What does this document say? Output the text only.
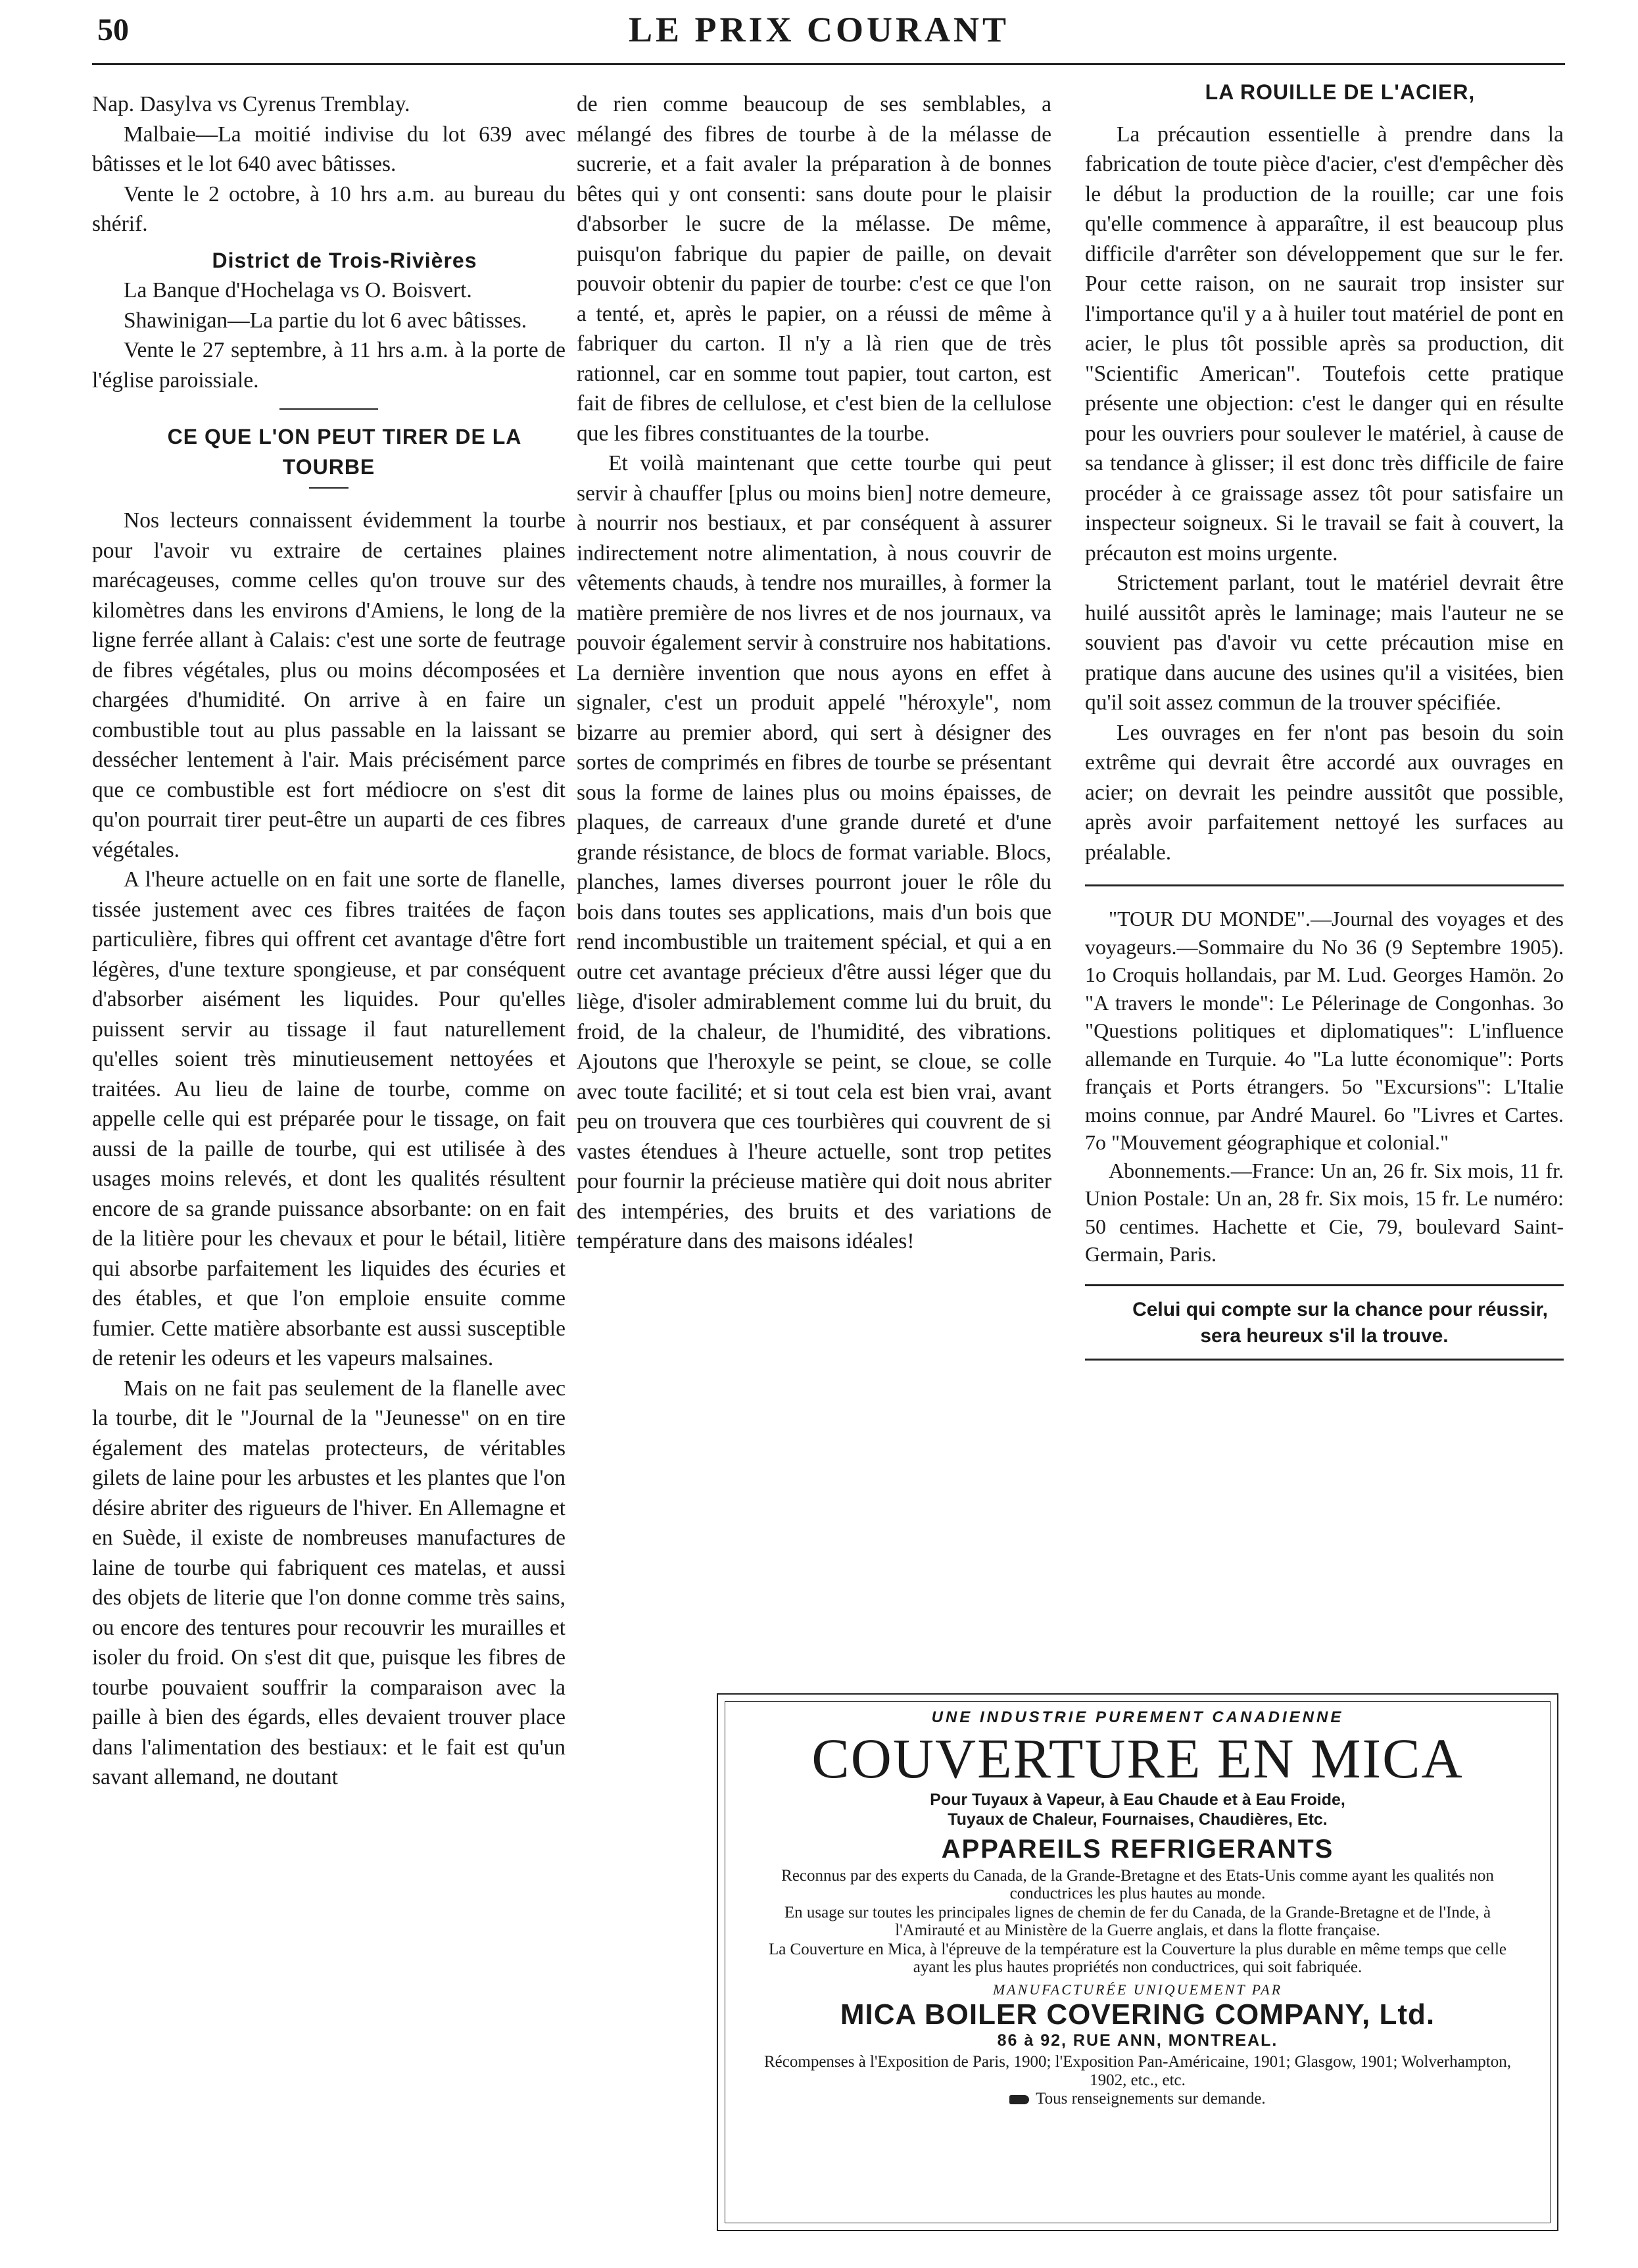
50	LE PRIX COURANT

Nap. Dasylva vs Cyrenus Tremblay.

Malbaie—La moitié indivise du lot 639 avec bâtisses et le lot 640 avec bâtisses.

Vente le 2 octobre, à 10 hrs a.m. au bureau du shérif.

District de Trois-Rivières

La Banque d'Hochelaga vs O. Boisvert.

Shawinigan—La partie du lot 6 avec bâtisses.

Vente le 27 septembre, à 11 hrs a.m. à la porte de l'église paroissiale.

CE QUE L'ON PEUT TIRER DE LA TOURBE

Nos lecteurs connaissent évidemment la tourbe pour l'avoir vu extraire de certaines plaines marécageuses, comme celles qu'on trouve sur des kilomètres dans les environs d'Amiens, le long de la ligne ferrée allant à Calais: c'est une sorte de feutrage de fibres végétales, plus ou moins décomposées et chargées d'humidité. On arrive à en faire un combustible tout au plus passable en la laissant se dessécher lentement à l'air. Mais précisément parce que ce combustible est fort médiocre on s'est dit qu'on pourrait tirer peut-être un auparti de ces fibres végétales.

A l'heure actuelle on en fait une sorte de flanelle, tissée justement avec ces fibres traitées de façon particulière, fibres qui offrent cet avantage d'être fort légères, d'une texture spongieuse, et par conséquent d'absorber aisément les liquides. Pour qu'elles puissent servir au tissage il faut naturellement qu'elles soient très minutieusement nettoyées et traitées. Au lieu de laine de tourbe, comme on appelle celle qui est préparée pour le tissage, on fait aussi de la paille de tourbe, qui est utilisée à des usages moins relevés, et dont les qualités résultent encore de sa grande puissance absorbante: on en fait de la litière pour les chevaux et pour le bétail, litière qui absorbe parfaitement les liquides des écuries et des étables, et que l'on emploie ensuite comme fumier. Cette matière absorbante est aussi susceptible de retenir les odeurs et les vapeurs malsaines.

Mais on ne fait pas seulement de la flanelle avec la tourbe, dit le "Journal de la "Jeunesse" on en tire également des matelas protecteurs, de véritables gilets de laine pour les arbustes et les plantes que l'on désire abriter des rigueurs de l'hiver. En Allemagne et en Suède, il existe de nombreuses manufactures de laine de tourbe qui fabriquent ces matelas, et aussi des objets de literie que l'on donne comme très sains, ou encore des tentures pour recouvrir les murailles et isoler du froid. On s'est dit que, puisque les fibres de tourbe pouvaient souffrir la comparaison avec la paille à bien des égards, elles devaient trouver place dans l'alimentation des bestiaux: et le fait est qu'un savant allemand, ne doutant

de rien comme beaucoup de ses semblables, a mélangé des fibres de tourbe à de la mélasse de sucrerie, et a fait avaler la préparation à de bonnes bêtes qui y ont consenti: sans doute pour le plaisir d'absorber le sucre de la mélasse. De même, puisqu'on fabrique du papier de paille, on devait pouvoir obtenir du papier de tourbe: c'est ce que l'on a tenté, et, après le papier, on a réussi de même à fabriquer du carton. Il n'y a là rien que de très rationnel, car en somme tout papier, tout carton, est fait de fibres de cellulose, et c'est bien de la cellulose que les fibres constituantes de la tourbe.

Et voilà maintenant que cette tourbe qui peut servir à chauffer [plus ou moins bien] notre demeure, à nourrir nos bestiaux, et par conséquent à assurer indirectement notre alimentation, à nous couvrir de vêtements chauds, à tendre nos murailles, à former la matière première de nos livres et de nos journaux, va pouvoir également servir à construire nos habitations. La dernière invention que nous ayons en effet à signaler, c'est un produit appelé "héroxyle", nom bizarre au premier abord, qui sert à désigner des sortes de comprimés en fibres de tourbe se présentant sous la forme de laines plus ou moins épaisses, de plaques, de carreaux d'une grande dureté et d'une grande résistance, de blocs de format variable. Blocs, planches, lames diverses pourront jouer le rôle du bois dans toutes ses applications, mais d'un bois que rend incombustible un traitement spécial, et qui a en outre cet avantage précieux d'être aussi léger que du liège, d'isoler admirablement comme lui du bruit, du froid, de la chaleur, de l'humidité, des vibrations. Ajoutons que l'heroxyle se peint, se cloue, se colle avec toute facilité; et si tout cela est bien vrai, avant peu on trouvera que ces tourbières qui couvrent de si vastes étendues à l'heure actuelle, sont trop petites pour fournir la précieuse matière qui doit nous abriter des intempéries, des bruits et des variations de température dans des maisons idéales!

LA ROUILLE DE L'ACIER,

La précaution essentielle à prendre dans la fabrication de toute pièce d'acier, c'est d'empêcher dès le début la production de la rouille; car une fois qu'elle commence à apparaître, il est beaucoup plus difficile d'arrêter son développement que sur le fer. Pour cette raison, on ne saurait trop insister sur l'importance qu'il y a à huiler tout matériel de pont en acier, le plus tôt possible après sa production, dit "Scientific American". Toutefois cette pratique présente une objection: c'est le danger qui en résulte pour les ouvriers pour soulever le matériel, à cause de sa tendance à glisser; il est donc très difficile de faire procéder à ce graissage assez tôt pour satisfaire un inspecteur soigneux. Si le travail se fait à couvert, la précauton est moins urgente.

Strictement parlant, tout le matériel devrait être huilé aussitôt après le laminage; mais l'auteur ne se souvient pas d'avoir vu cette précaution mise en pratique dans aucune des usines qu'il a visitées, bien qu'il soit assez commun de la trouver spécifiée.

Les ouvrages en fer n'ont pas besoin du soin extrême qui devrait être accordé aux ouvrages en acier; on devrait les peindre aussitôt que possible, après avoir parfaitement nettoyé les surfaces au préalable.

"TOUR DU MONDE".—Journal des voyages et des voyageurs.—Sommaire du No 36 (9 Septembre 1905). 1o Croquis hollandais, par M. Lud. Georges Hamön. 2o "A travers le monde": Le Pélerinage de Congonhas. 3o "Questions politiques et diplomatiques": L'influence allemande en Turquie. 4o "La lutte économique": Ports français et Ports étrangers. 5o "Excursions": L'Italie moins connue, par André Maurel. 6o "Livres et Cartes. 7o "Mouvement géographique et colonial."

Abonnements.—France: Un an, 26 fr. Six mois, 11 fr. Union Postale: Un an, 28 fr. Six mois, 15 fr. Le numéro: 50 centimes. Hachette et Cie, 79, boulevard Saint-Germain, Paris.

Celui qui compte sur la chance pour réussir, sera heureux s'il la trouve.

UNE INDUSTRIE PUREMENT CANADIENNE
COUVERTURE EN MICA
Pour Tuyaux à Vapeur, à Eau Chaude et à Eau Froide,
Tuyaux de Chaleur, Fournaises, Chaudières, Etc.
APPAREILS REFRIGERANTS

Reconnus par des experts du Canada, de la Grande-Bretagne et des Etats-Unis comme ayant les qualités non conductrices les plus hautes au monde.

En usage sur toutes les principales lignes de chemin de fer du Canada, de la Grande-Bretagne et de l'Inde, à l'Amirauté et au Ministère de la Guerre anglais, et dans la flotte française.

La Couverture en Mica, à l'épreuve de la température est la Couverture la plus durable en même temps que celle ayant les plus hautes propriétés non conductrices, qui soit fabriquée.

MANUFACTURÉE UNIQUEMENT PAR
MICA BOILER COVERING COMPANY, Ltd.
86 à 92, RUE ANN, MONTREAL.
Récompenses à l'Exposition de Paris, 1900; l'Exposition Pan-Américaine, 1901; Glasgow, 1901; Wolverhampton, 1902, etc., etc.
Tous renseignements sur demande.
